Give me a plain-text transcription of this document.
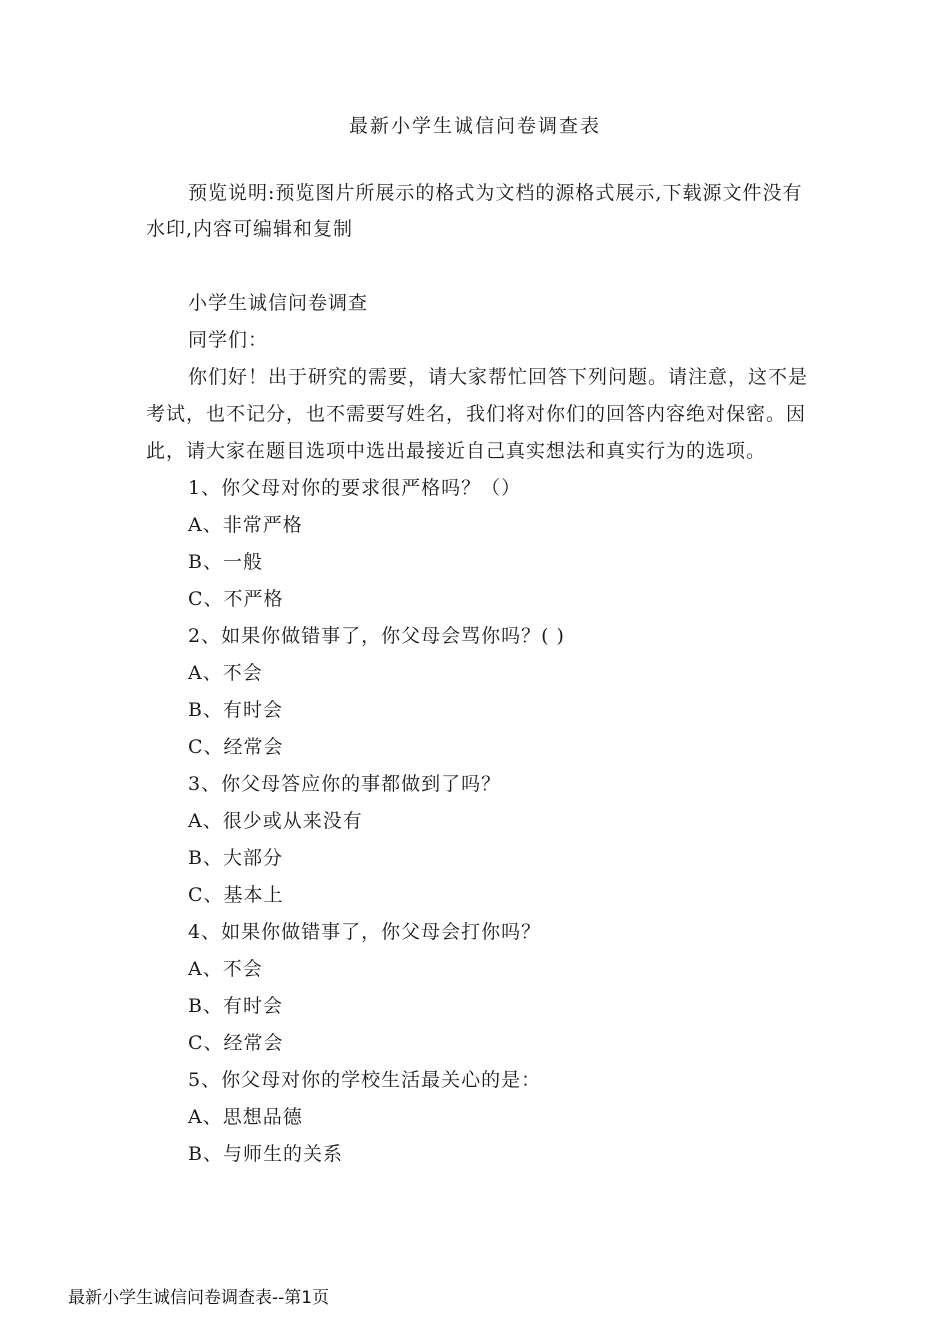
最新小学生诚信问卷调查表

预览说明:预览图片所展示的格式为文档的源格式展示,下载源文件没有水印,内容可编辑和复制

小学生诚信问卷调查

同学们：

你们好！出于研究的需要，请大家帮忙回答下列问题。请注意，这不是考试，也不记分，也不需要写姓名，我们将对你们的回答内容绝对保密。因此，请大家在题目选项中选出最接近自己真实想法和真实行为的选项。

1、你父母对你的要求很严格吗？（）

A、非常严格

B、一般

C、不严格

2、如果你做错事了，你父母会骂你吗？( )

A、不会

B、有时会

C、经常会

3、你父母答应你的事都做到了吗？

A、很少或从来没有

B、大部分

C、基本上

4、如果你做错事了，你父母会打你吗？

A、不会

B、有时会

C、经常会

5、你父母对你的学校生活最关心的是：

A、思想品德

B、与师生的关系

最新小学生诚信问卷调查表--第1页
